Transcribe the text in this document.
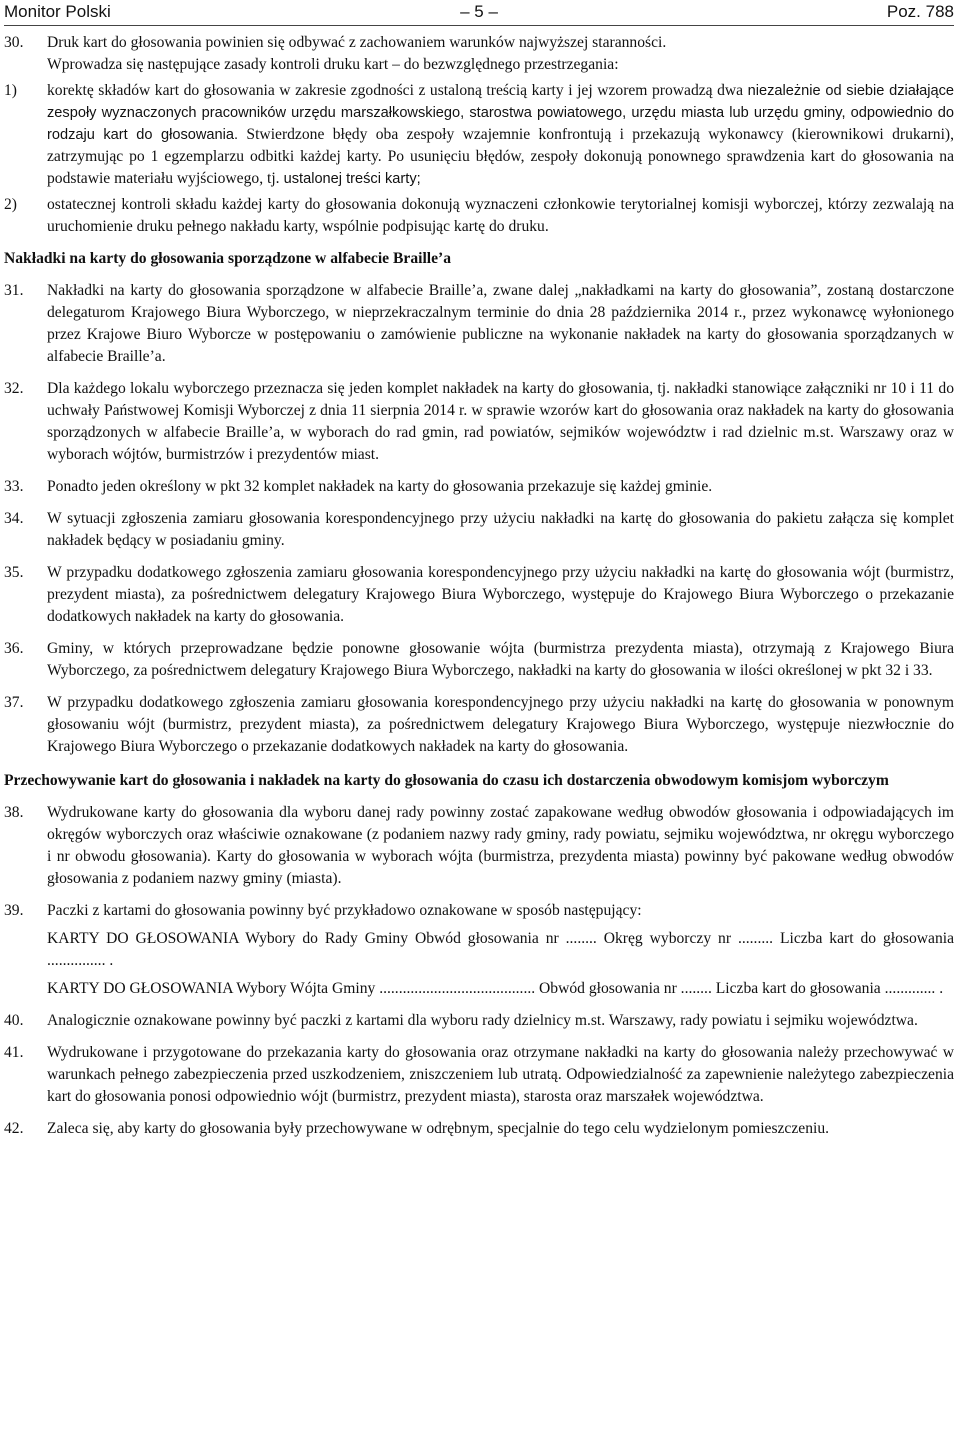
Monitor Polski	– 5 –	Poz. 788
30. Druk kart do głosowania powinien się odbywać z zachowaniem warunków najwyższej staranności.
Wprowadza się następujące zasady kontroli druku kart – do bezwzględnego przestrzegania:
1) korektę składów kart do głosowania w zakresie zgodności z ustaloną treścią karty i jej wzorem prowadzą dwa niezależnie od siebie działające zespoły wyznaczonych pracowników urzędu marszałkowskiego, starostwa powiatowego, urzędu miasta lub urzędu gminy, odpowiednio do rodzaju kart do głosowania. Stwierdzone błędy oba zespoły wzajemnie konfrontują i przekazują wykonawcy (kierownikowi drukarni), zatrzymując po 1 egzemplarzu odbitki każdej karty. Po usunięciu błędów, zespoły dokonują ponownego sprawdzenia kart do głosowania na podstawie materiału wyjściowego, tj. ustalonej treści karty;
2) ostatecznej kontroli składu każdej karty do głosowania dokonują wyznaczeni członkowie terytorialnej komisji wyborczej, którzy zezwalają na uruchomienie druku pełnego nakładu karty, wspólnie podpisując kartę do druku.
Nakładki na karty do głosowania sporządzone w alfabecie Braille’a
31. Nakładki na karty do głosowania sporządzone w alfabecie Braille’a, zwane dalej „nakładkami na karty do głosowania”, zostaną dostarczone delegaturom Krajowego Biura Wyborczego, w nieprzekraczalnym terminie do dnia 28 października 2014 r., przez wykonawcę wyłonionego przez Krajowe Biuro Wyborcze w postępowaniu o zamówienie publiczne na wykonanie nakładek na karty do głosowania sporządzanych w alfabecie Braille’a.
32. Dla każdego lokalu wyborczego przeznacza się jeden komplet nakładek na karty do głosowania, tj. nakładki stanowiące załączniki nr 10 i 11 do uchwały Państwowej Komisji Wyborczej z dnia 11 sierpnia 2014 r. w sprawie wzorów kart do głosowania oraz nakładek na karty do głosowania sporządzonych w alfabecie Braille’a, w wyborach do rad gmin, rad powiatów, sejmików województw i rad dzielnic m.st. Warszawy oraz w wyborach wójtów, burmistrzów i prezydentów miast.
33. Ponadto jeden określony w pkt 32 komplet nakładek na karty do głosowania przekazuje się każdej gminie.
34. W sytuacji zgłoszenia zamiaru głosowania korespondencyjnego przy użyciu nakładki na kartę do głosowania do pakietu załącza się komplet nakładek będący w posiadaniu gminy.
35. W przypadku dodatkowego zgłoszenia zamiaru głosowania korespondencyjnego przy użyciu nakładki na kartę do głosowania wójt (burmistrz, prezydent miasta), za pośrednictwem delegatury Krajowego Biura Wyborczego, występuje do Krajowego Biura Wyborczego o przekazanie dodatkowych nakładek na karty do głosowania.
36. Gminy, w których przeprowadzane będzie ponowne głosowanie wójta (burmistrza prezydenta miasta), otrzymają z Krajowego Biura Wyborczego, za pośrednictwem delegatury Krajowego Biura Wyborczego, nakładki na karty do głosowania w ilości określonej w pkt 32 i 33.
37. W przypadku dodatkowego zgłoszenia zamiaru głosowania korespondencyjnego przy użyciu nakładki na kartę do głosowania w ponownym głosowaniu wójt (burmistrz, prezydent miasta), za pośrednictwem delegatury Krajowego Biura Wyborczego, występuje niezwłocznie do Krajowego Biura Wyborczego o przekazanie dodatkowych nakładek na karty do głosowania.
Przechowywanie kart do głosowania i nakładek na karty do głosowania do czasu ich dostarczenia obwodowym komisjom wyborczym
38. Wydrukowane karty do głosowania dla wyboru danej rady powinny zostać zapakowane według obwodów głosowania i odpowiadających im okręgów wyborczych oraz właściwie oznakowane (z podaniem nazwy rady gminy, rady powiatu, sejmiku województwa, nr okręgu wyborczego i nr obwodu głosowania). Karty do głosowania w wyborach wójta (burmistrza, prezydenta miasta) powinny być pakowane według obwodów głosowania z podaniem nazwy gminy (miasta).
39. Paczki z kartami do głosowania powinny być przykładowo oznakowane w sposób następujący:
KARTY DO GŁOSOWANIA Wybory do Rady Gminy Obwód głosowania nr ........ Okręg wyborczy nr ......... Liczba kart do głosowania ............... .
KARTY DO GŁOSOWANIA Wybory Wójta Gminy ........................................ Obwód głosowania nr ........ Liczba kart do głosowania ............. .
40. Analogicznie oznakowane powinny być paczki z kartami dla wyboru rady dzielnicy m.st. Warszawy, rady powiatu i sejmiku województwa.
41. Wydrukowane i przygotowane do przekazania karty do głosowania oraz otrzymane nakładki na karty do głosowania należy przechowywać w warunkach pełnego zabezpieczenia przed uszkodzeniem, zniszczeniem lub utratą. Odpowiedzialność za zapewnienie należytego zabezpieczenia kart do głosowania ponosi odpowiednio wójt (burmistrz, prezydent miasta), starosta oraz marszałek województwa.
42. Zaleca się, aby karty do głosowania były przechowywane w odrębnym, specjalnie do tego celu wydzielonym pomieszczeniu.
